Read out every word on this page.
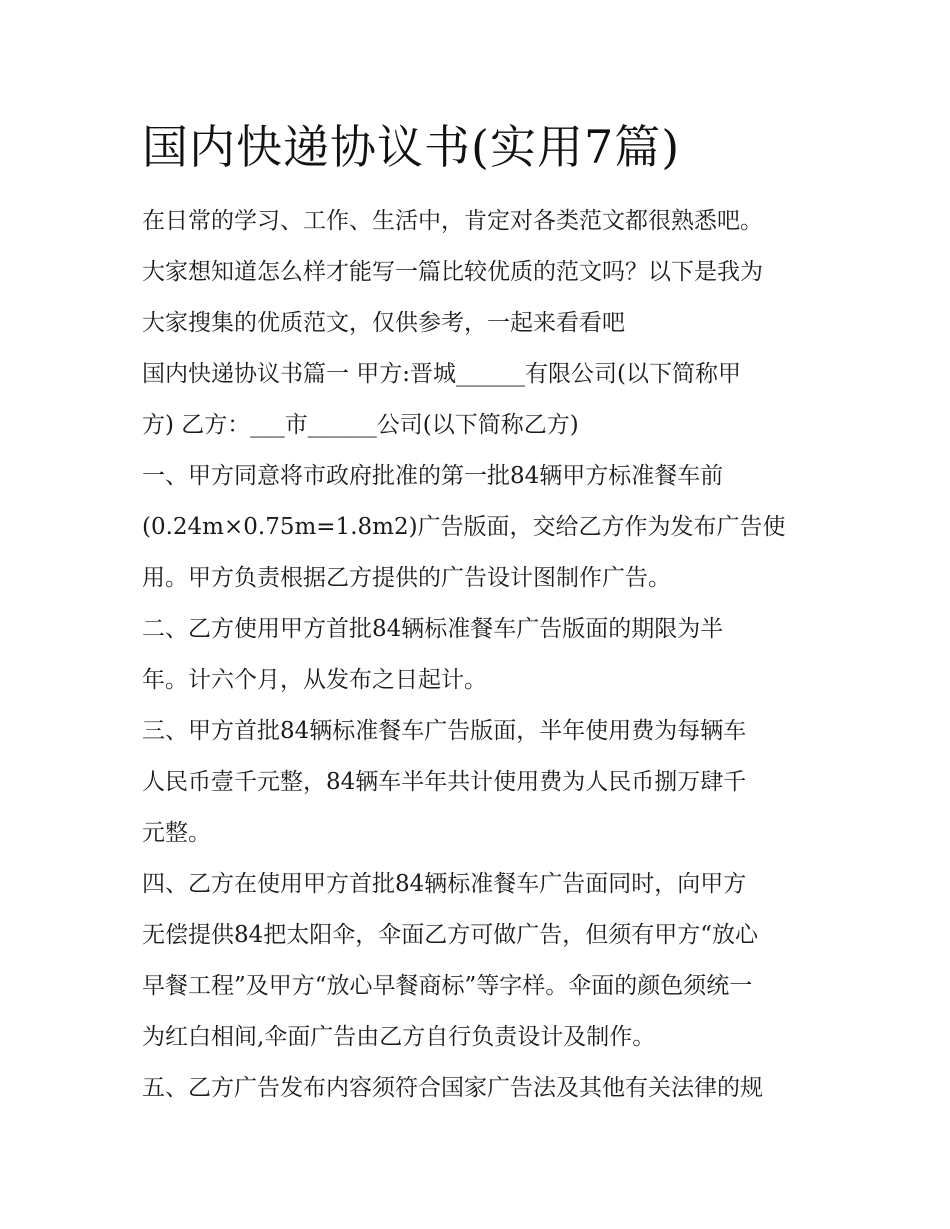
国内快递协议书(实用7篇)

在日常的学习、工作、生活中，肯定对各类范文都很熟悉吧。

大家想知道怎么样才能写一篇比较优质的范文吗？以下是我为

大家搜集的优质范文，仅供参考，一起来看看吧

国内快递协议书篇一 甲方:晋城______有限公司(以下简称甲

方) 乙方：___市______公司(以下简称乙方)

一、甲方同意将市政府批准的第一批84辆甲方标准餐车前

(0.24m×0.75m=1.8m2)广告版面，交给乙方作为发布广告使

用。甲方负责根据乙方提供的广告设计图制作广告。

二、乙方使用甲方首批84辆标准餐车广告版面的期限为半

年。计六个月，从发布之日起计。

三、甲方首批84辆标准餐车广告版面，半年使用费为每辆车

人民币壹千元整，84辆车半年共计使用费为人民币捌万肆千

元整。

四、乙方在使用甲方首批84辆标准餐车广告面同时，向甲方

无偿提供84把太阳伞，伞面乙方可做广告，但须有甲方“放心

早餐工程”及甲方“放心早餐商标”等字样。伞面的颜色须统一

为红白相间,伞面广告由乙方自行负责设计及制作。

五、乙方广告发布内容须符合国家广告法及其他有关法律的规
